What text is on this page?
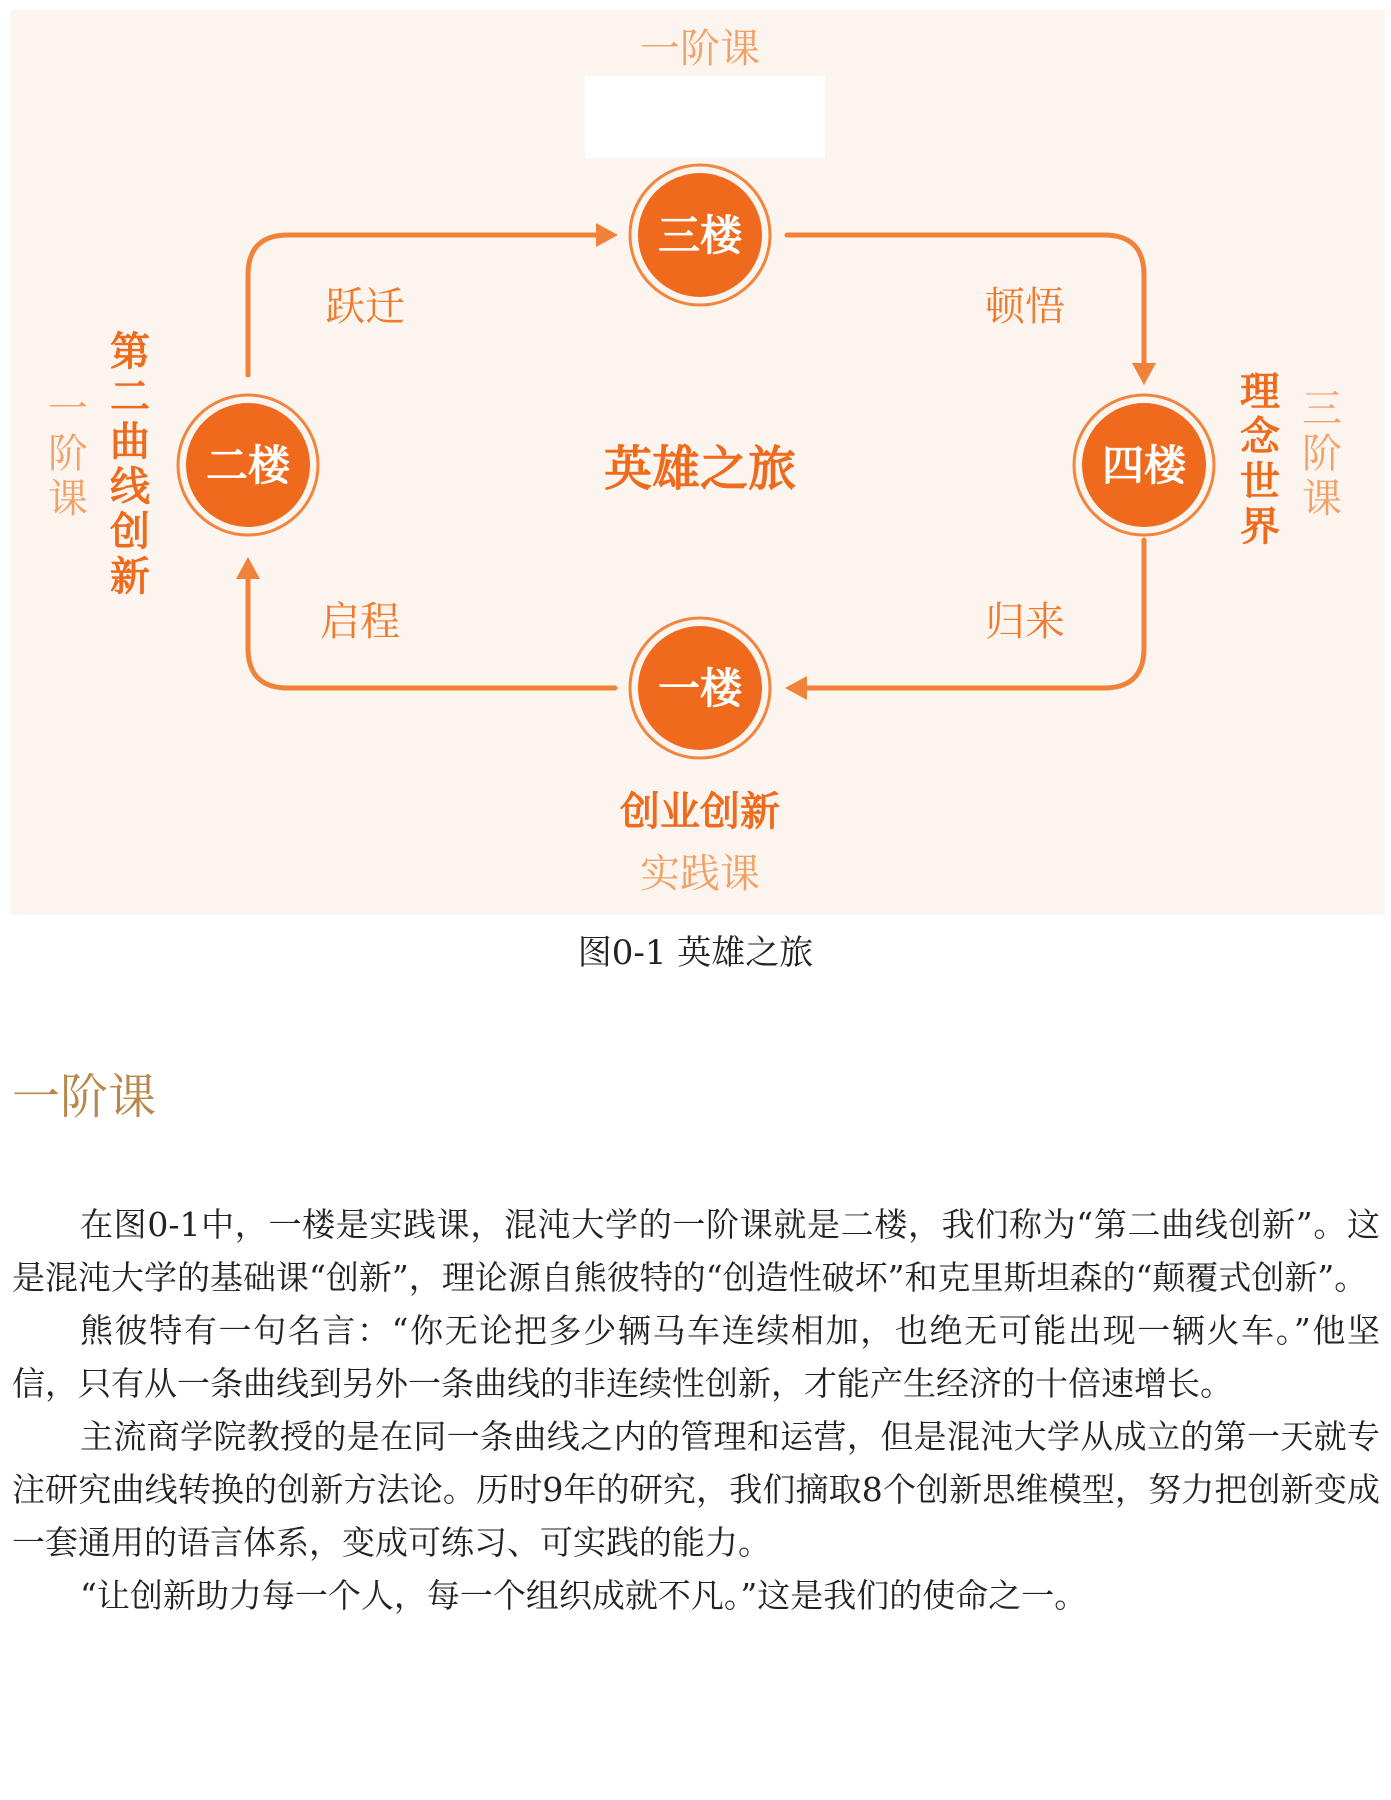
一阶课
三楼
二楼	四楼
一楼
跃迁	顿悟
归来
启程
英雄之旅
创业创新
实践课
第二曲线创新
一阶课
理念世界
三阶课
图0-1 英雄之旅
一阶课

在图0-1中，一楼是实践课，混沌大学的一阶课就是二楼，我们称为“第二曲线创新”。这是混沌大学的基础课“创新”，理论源自熊彼特的“创造性破坏”和克里斯坦森的“颠覆式创新”。

熊彼特有一句名言：“你无论把多少辆马车连续相加，也绝无可能出现一辆火车。”他坚信，只有从一条曲线到另外一条曲线的非连续性创新，才能产生经济的十倍速增长。

主流商学院教授的是在同一条曲线之内的管理和运营，但是混沌大学从成立的第一天就专注研究曲线转换的创新方法论。历时9年的研究，我们摘取8个创新思维模型，努力把创新变成一套通用的语言体系，变成可练习、可实践的能力。

“让创新助力每一个人，每一个组织成就不凡。”这是我们的使命之一。
